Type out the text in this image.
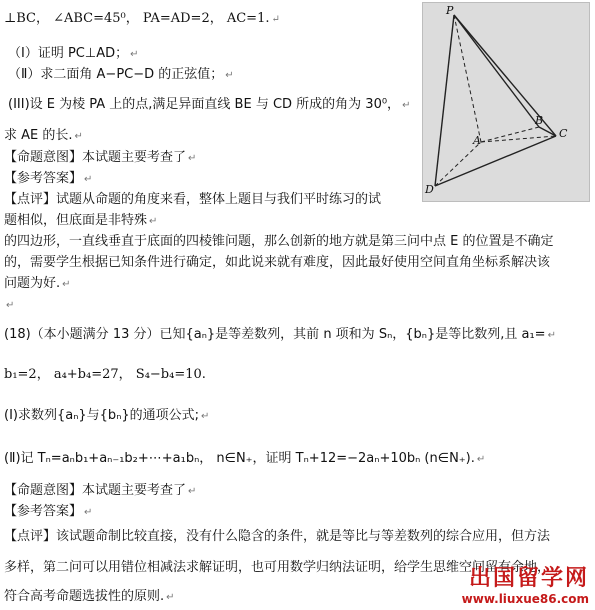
P
A
B
C
D
⊥BC， ∠ABC=45⁰， PA=AD=2， AC=1. ↵
（Ⅰ）证明 PC⊥AD； ↵
（Ⅱ）求二面角 A−PC−D 的正弦值； ↵
(III)设 E 为棱 PA 上的点,满足异面直线 BE 与 CD 所成的角为 30⁰， ↵
求 AE 的长. ↵
【命题意图】本试题主要考查了 ↵
【参考答案】 ↵
【点评】试题从命题的角度来看，整体上题目与我们平时练习的试
题相似，但底面是非特殊 ↵
的四边形，一直线垂直于底面的四棱锥问题，那么创新的地方就是第三问中点 E 的位置是不确定
的，需要学生根据已知条件进行确定，如此说来就有难度，因此最好使用空间直角坐标系解决该
问题为好. ↵
↵
(18)（本小题满分 13 分）已知{aₙ}是等差数列，其前 n 项和为 Sₙ，{bₙ}是等比数列,且 a₁= ↵
b₁=2， a₄+b₄=27， S₄−b₄=10.
(Ⅰ)求数列{aₙ}与{bₙ}的通项公式; ↵
(Ⅱ)记 Tₙ=aₙb₁+aₙ₋₁b₂+⋯+a₁bₙ， n∈N₊，证明 Tₙ+12=−2aₙ+10bₙ (n∈N₊). ↵
【命题意图】本试题主要考查了 ↵
【参考答案】 ↵
【点评】该试题命制比较直接，没有什么隐含的条件，就是等比与等差数列的综合应用，但方法
多样，第二问可以用错位相减法求解证明，也可用数学归纳法证明，给学生思维空间留有余地，
符合高考命题选拔性的原则. ↵
出国留学网
www.liuxue86.com
